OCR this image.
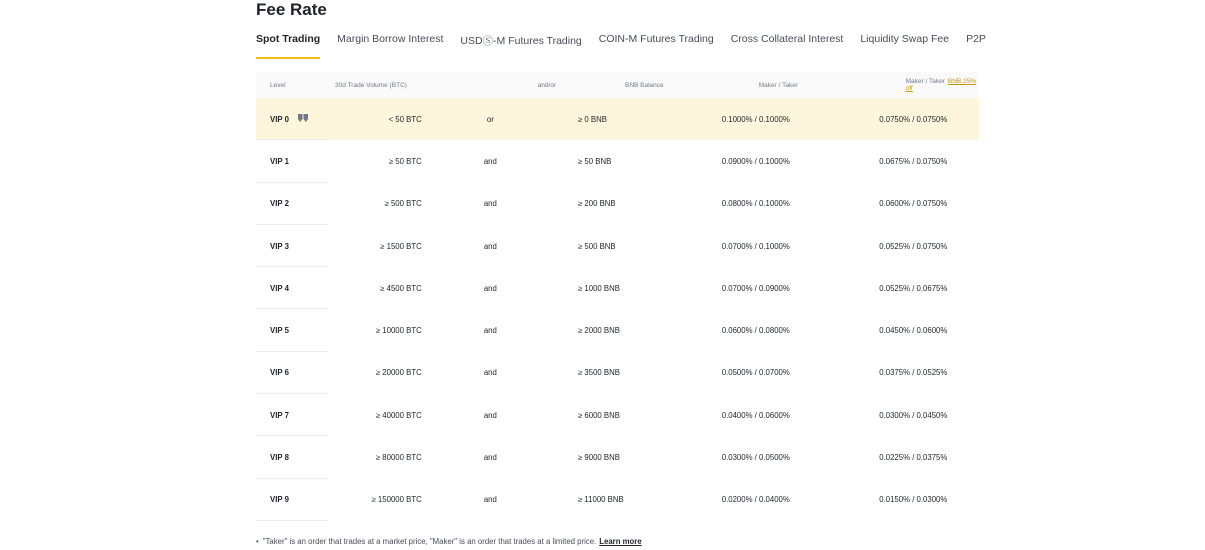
Fee Rate
Spot Trading Margin Borrow Interest USDⓈ-M Futures Trading COIN-M Futures Trading Cross Collateral Interest Liquidity Swap Fee P2P
Level	30d Trade Volume (BTC)	and/or	BNB Balance	Maker / Taker	Maker / Taker BNB 25% off
VIP 0	< 50 BTC	or	≥ 0 BNB	0.1000% / 0.1000%	0.0750% / 0.0750%
VIP 1	≥ 50 BTC	and	≥ 50 BNB	0.0900% / 0.1000%	0.0675% / 0.0750%
VIP 2	≥ 500 BTC	and	≥ 200 BNB	0.0800% / 0.1000%	0.0600% / 0.0750%
VIP 3	≥ 1500 BTC	and	≥ 500 BNB	0.0700% / 0.1000%	0.0525% / 0.0750%
VIP 4	≥ 4500 BTC	and	≥ 1000 BNB	0.0700% / 0.0900%	0.0525% / 0.0675%
VIP 5	≥ 10000 BTC	and	≥ 2000 BNB	0.0600% / 0.0800%	0.0450% / 0.0600%
VIP 6	≥ 20000 BTC	and	≥ 3500 BNB	0.0500% / 0.0700%	0.0375% / 0.0525%
VIP 7	≥ 40000 BTC	and	≥ 6000 BNB	0.0400% / 0.0600%	0.0300% / 0.0450%
VIP 8	≥ 80000 BTC	and	≥ 9000 BNB	0.0300% / 0.0500%	0.0225% / 0.0375%
VIP 9	≥ 150000 BTC	and	≥ 11000 BNB	0.0200% / 0.0400%	0.0150% / 0.0300%
• "Taker" is an order that trades at a market price, "Maker" is an order that trades at a limited price. Learn more
